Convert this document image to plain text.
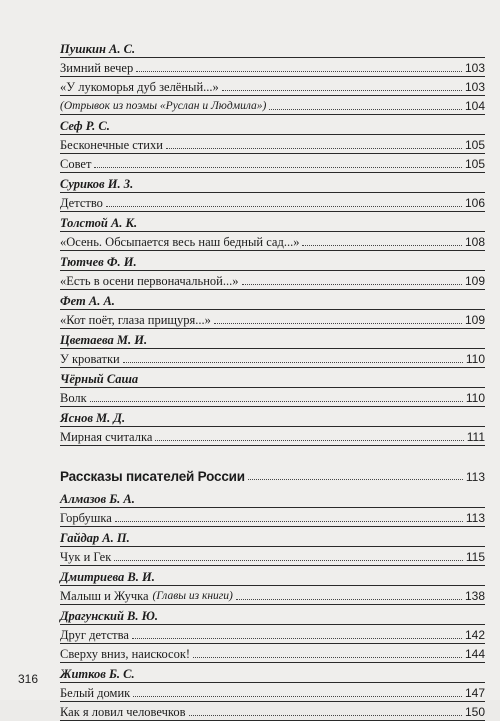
Пушкин А. С.
Зимний вечер	103
«У лукоморья дуб зелёный...»	103
(Отрывок из поэмы «Руслан и Людмила»)	104
Сеф Р. С.
Бесконечные стихи	105
Совет	105
Суриков И. З.
Детство	106
Толстой А. К.
«Осень. Обсыпается весь наш бедный сад...»	108
Тютчев Ф. И.
«Есть в осени первоначальной...»	109
Фет А. А.
«Кот поёт, глаза прищуря...»	109
Цветаева М. И.
У кроватки	110
Чёрный Саша
Волк	110
Яснов М. Д.
Мирная считалка	111
Рассказы писателей России	113
Алмазов Б. А.
Горбушка	113
Гайдар А. П.
Чук и Гек	115
Дмитриева В. И.
Малыш и Жучка (Главы из книги)	138
Драгунский В. Ю.
Друг детства	142
Сверху вниз, наискосок!	144
Житков Б. С.
Белый домик	147
Как я ловил человечков	150
316
